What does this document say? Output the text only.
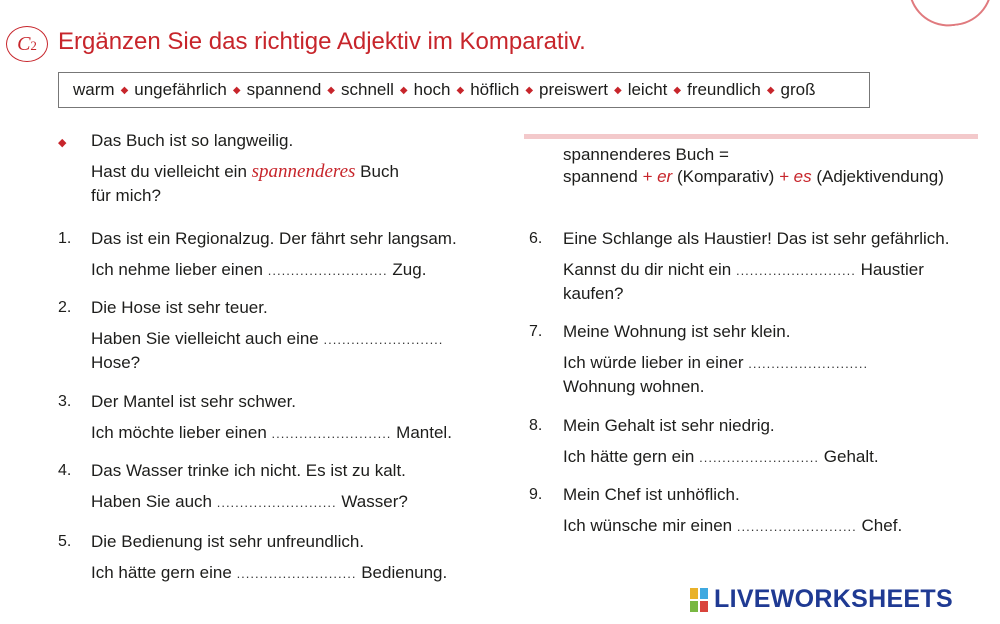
C2 Ergänzen Sie das richtige Adjektiv im Komparativ.
warm ◆ ungefährlich ◆ spannend ◆ schnell ◆ hoch ◆ höflich ◆ preiswert ◆ leicht ◆ freundlich ◆ groß
◆ Das Buch ist so langweilig.
Hast du vielleicht ein spannenderes Buch
für mich?
spannenderes Buch =
spannend + er (Komparativ) + es (Adjektivendung)
1. Das ist ein Regionalzug. Der fährt sehr langsam.
Ich nehme lieber einen .......................... Zug.
2. Die Hose ist sehr teuer.
Haben Sie vielleicht auch eine ..........................
Hose?
3. Der Mantel ist sehr schwer.
Ich möchte lieber einen .......................... Mantel.
4. Das Wasser trinke ich nicht. Es ist zu kalt.
Haben Sie auch .......................... Wasser?
5. Die Bedienung ist sehr unfreundlich.
Ich hätte gern eine .......................... Bedienung.
6. Eine Schlange als Haustier! Das ist sehr gefährlich.
Kannst du dir nicht ein .......................... Haustier
kaufen?
7. Meine Wohnung ist sehr klein.
Ich würde lieber in einer ..........................
Wohnung wohnen.
8. Mein Gehalt ist sehr niedrig.
Ich hätte gern ein .......................... Gehalt.
9. Mein Chef ist unhöflich.
Ich wünsche mir einen .......................... Chef.
LIVEWORKSHEETS
